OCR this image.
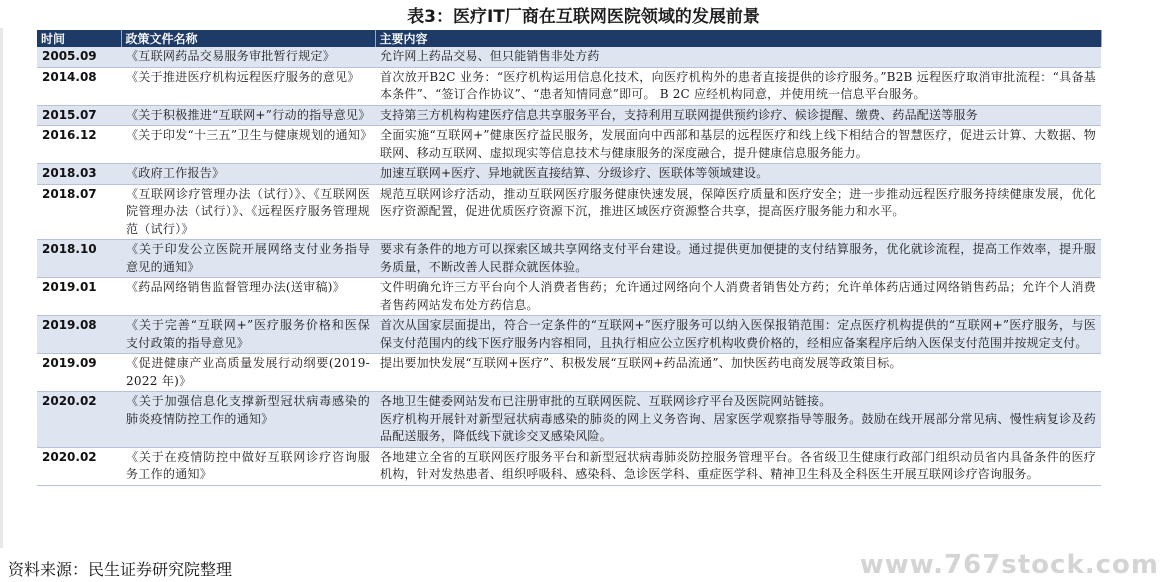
表3：医疗IT厂商在互联网医院领域的发展前景
时间	政策文件名称	主要内容
2005.09	《互联网药品交易服务审批暂行规定》	允许网上药品交易、但只能销售非处方药
2014.08	《关于推进医疗机构远程医疗服务的意见》	首次放开B2C 业务：“医疗机构运用信息化技术，向医疗机构外的患者直接提供的诊疗服务。”B2B 远程医疗取消审批流程：“具备基本条件”、“签订合作协议”、“患者知情同意”即可。 B 2C 应经机构同意，并使用统一信息平台服务。
2015.07	《关于积极推进“互联网+”行动的指导意见》	支持第三方机构构建医疗信息共享服务平台，支持利用互联网提供预约诊疗、候诊提醒、缴费、药品配送等服务
2016.12	《关于印发“十三五”卫生与健康规划的通知》	全面实施“互联网+”健康医疗益民服务，发展面向中西部和基层的远程医疗和线上线下相结合的智慧医疗，促进云计算、大数据、物联网、移动互联网、虚拟现实等信息技术与健康服务的深度融合，提升健康信息服务能力。
2018.03	《政府工作报告》	加速互联网+医疗、异地就医直接结算、分级诊疗、医联体等领域建设。
2018.07	《互联网诊疗管理办法（试行）》、《互联网医院管理办法（试行）》、《远程医疗服务管理规范（试行）》	规范互联网诊疗活动，推动互联网医疗服务健康快速发展，保障医疗质量和医疗安全；进一步推动远程医疗服务持续健康发展，优化医疗资源配置，促进优质医疗资源下沉，推进区域医疗资源整合共享，提高医疗服务能力和水平。
2018.10	《关于印发公立医院开展网络支付业务指导意见的通知》	要求有条件的地方可以探索区域共享网络支付平台建设。通过提供更加便捷的支付结算服务，优化就诊流程，提高工作效率，提升服务质量，不断改善人民群众就医体验。
2019.01	《药品网络销售监督管理办法(送审稿)》	文件明确允许三方平台向个人消费者售药；允许通过网络向个人消费者销售处方药；允许单体药店通过网络销售药品；允许个人消费者售药网站发布处方药信息。
2019.08	《关于完善“互联网+”医疗服务价格和医保支付政策的指导意见》	首次从国家层面提出，符合一定条件的“互联网+”医疗服务可以纳入医保报销范围：定点医疗机构提供的“互联网+”医疗服务，与医保支付范围内的线下医疗服务内容相同，且执行相应公立医疗机构收费价格的，经相应备案程序后纳入医保支付范围并按规定支付。
2019.09	《促进健康产业高质量发展行动纲要(2019-2022 年)》	提出要加快发展“互联网+医疗”、积极发展“互联网+药品流通”、加快医药电商发展等政策目标。
2020.02	《关于加强信息化支撑新型冠状病毒感染的肺炎疫情防控工作的通知》	各地卫生健委网站发布已注册审批的互联网医院、互联网诊疗平台及医院网站链接。
医疗机构开展针对新型冠状病毒感染的肺炎的网上义务咨询、居家医学观察指导等服务。鼓励在线开展部分常见病、慢性病复诊及药品配送服务，降低线下就诊交叉感染风险。

2020.02	《关于在疫情防控中做好互联网诊疗咨询服务工作的通知》	各地建立全省的互联网医疗服务平台和新型冠状病毒肺炎防控服务管理平台。各省级卫生健康行政部门组织动员省内具备条件的医疗机构，针对发热患者、组织呼吸科、感染科、急诊医学科、重症医学科、精神卫生科及全科医生开展互联网诊疗咨询服务。
资料来源：民生证券研究院整理	www.767stock.com
